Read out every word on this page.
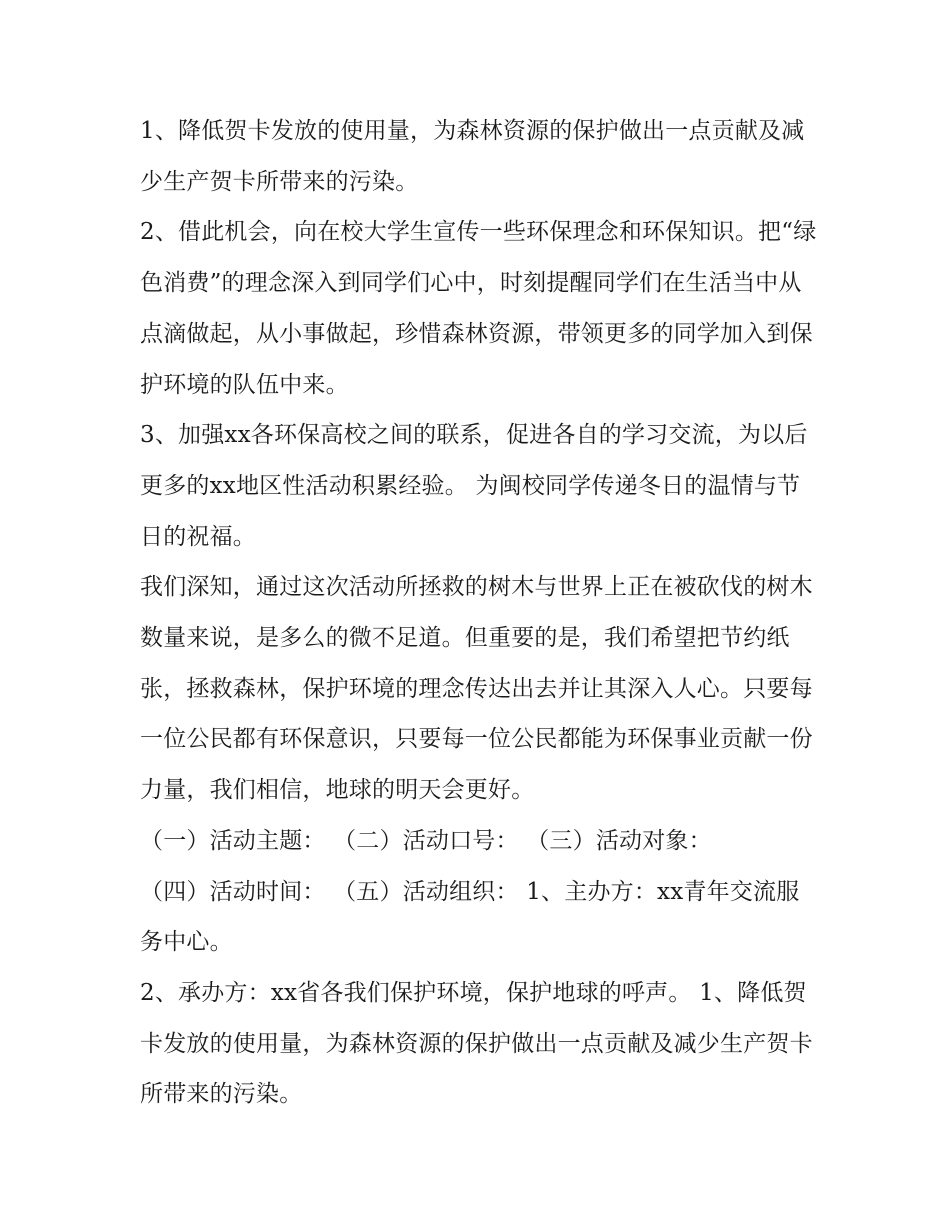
1、降低贺卡发放的使用量，为森林资源的保护做出一点贡献及减少生产贺卡所带来的污染。

2、借此机会，向在校大学生宣传一些环保理念和环保知识。把“绿色消费”的理念深入到同学们心中，时刻提醒同学们在生活当中从点滴做起，从小事做起，珍惜森林资源，带领更多的同学加入到保护环境的队伍中来。

3、加强xx各环保高校之间的联系，促进各自的学习交流，为以后更多的xx地区性活动积累经验。 为闽校同学传递冬日的温情与节日的祝福。

我们深知，通过这次活动所拯救的树木与世界上正在被砍伐的树木数量来说，是多么的微不足道。但重要的是，我们希望把节约纸张，拯救森林，保护环境的理念传达出去并让其深入人心。只要每一位公民都有环保意识，只要每一位公民都能为环保事业贡献一份力量，我们相信，地球的明天会更好。

（一）活动主题： （二）活动口号： （三）活动对象：

（四）活动时间： （五）活动组织： 1、主办方：xx青年交流服务中心。

2、承办方：xx省各我们保护环境，保护地球的呼声。 1、降低贺卡发放的使用量，为森林资源的保护做出一点贡献及减少生产贺卡所带来的污染。
